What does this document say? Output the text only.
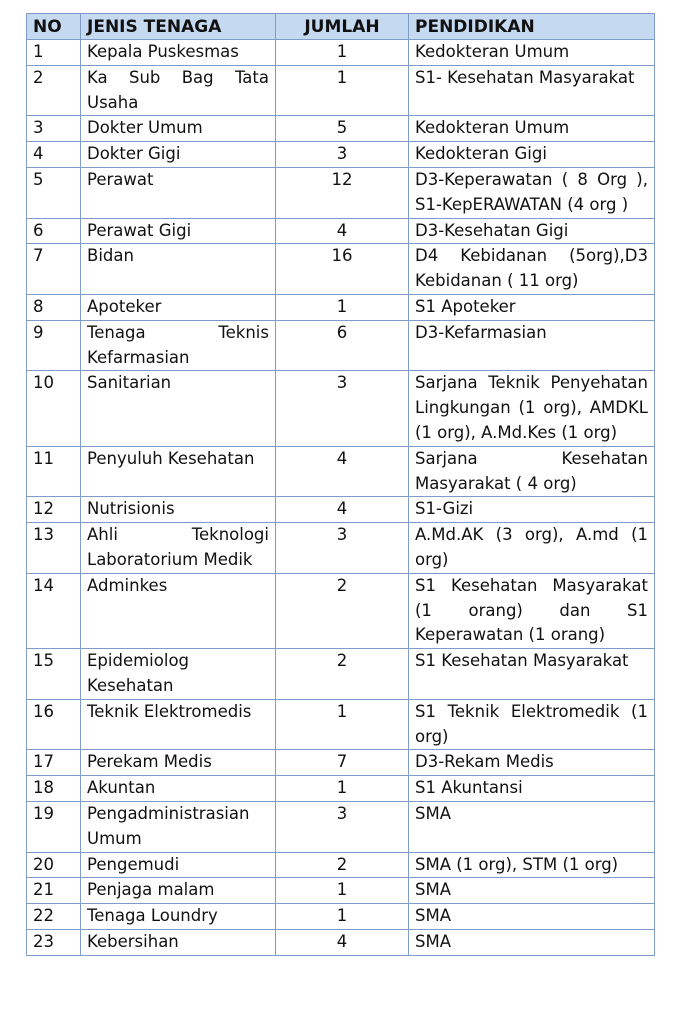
NO	JENIS TENAGA	JUMLAH	PENDIDIKAN
1	Kepala Puskesmas	1	Kedokteran Umum
2	Ka Sub Bag Tata Usaha	1	S1- Kesehatan Masyarakat
3	Dokter Umum	5	Kedokteran Umum
4	Dokter Gigi	3	Kedokteran Gigi
5	Perawat	12	D3-Keperawatan ( 8 Org ), S1-KepERAWATAN (4 org )
6	Perawat Gigi	4	D3-Kesehatan Gigi
7	Bidan	16	D4 Kebidanan (5org),D3 Kebidanan ( 11 org)
8	Apoteker	1	S1 Apoteker
9	Tenaga Teknis Kefarmasian	6	D3-Kefarmasian
10	Sanitarian	3	Sarjana Teknik Penyehatan Lingkungan (1 org), AMDKL (1 org), A.Md.Kes (1 org)
11	Penyuluh Kesehatan	4	Sarjana Kesehatan Masyarakat ( 4 org)
12	Nutrisionis	4	S1-Gizi
13	Ahli Teknologi Laboratorium Medik	3	A.Md.AK (3 org), A.md (1 org)
14	Adminkes	2	S1 Kesehatan Masyarakat (1 orang) dan S1 Keperawatan (1 orang)
15	Epidemiolog Kesehatan	2	S1 Kesehatan Masyarakat
16	Teknik Elektromedis	1	S1 Teknik Elektromedik (1 org)
17	Perekam Medis	7	D3-Rekam Medis
18	Akuntan	1	S1 Akuntansi
19	Pengadministrasian Umum	3	SMA
20	Pengemudi	2	SMA (1 org), STM (1 org)
21	Penjaga malam	1	SMA
22	Tenaga Loundry	1	SMA
23	Kebersihan	4	SMA
